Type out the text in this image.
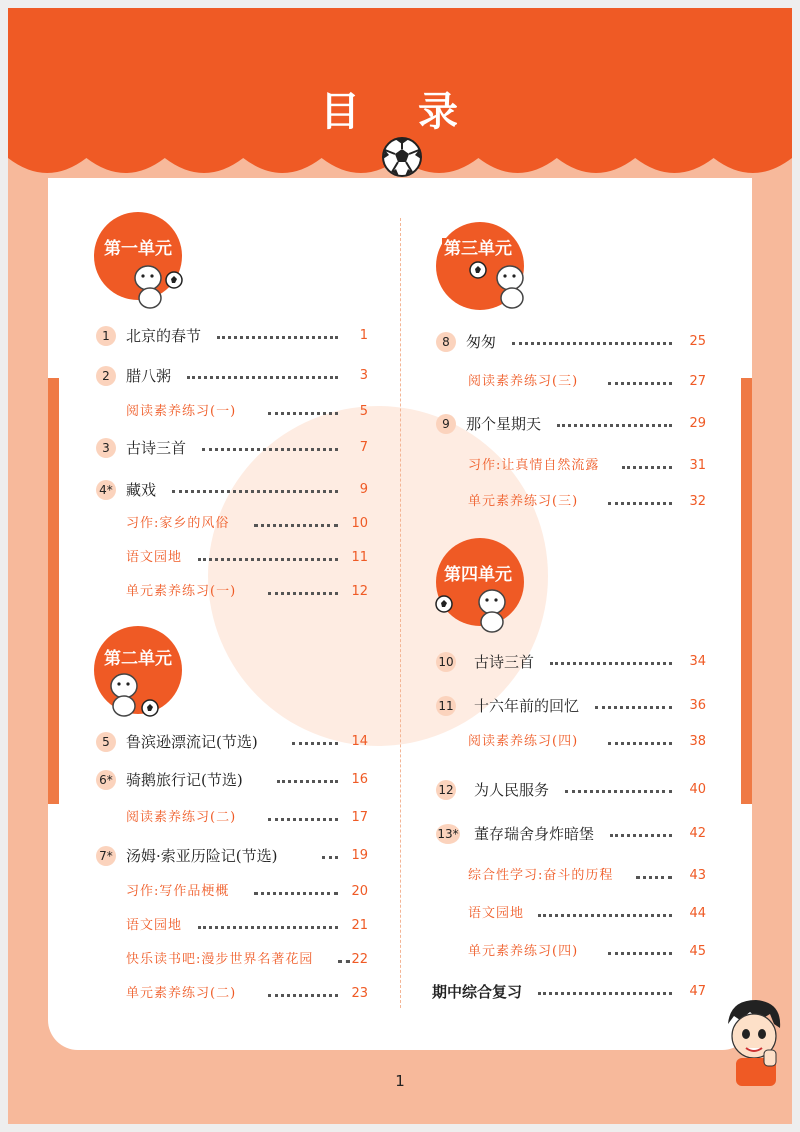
目 录
第一单元
第二单元
第三单元
第四单元
1	北京的春节	1
2	腊八粥	3
阅读素养练习(一)	5
3	古诗三首	7
4* 藏戏	9
习作:家乡的风俗	10
语文园地	11
单元素养练习(一)	12
5	鲁滨逊漂流记(节选)	14
6* 骑鹅旅行记(节选)	16
阅读素养练习(二)	17
7* 汤姆·索亚历险记(节选)	19
习作:写作品梗概	20
语文园地	21
快乐读书吧:漫步世界名著花园	22
单元素养练习(二)	23
8	匆匆	25
阅读素养练习(三)	27
9	那个星期天	29
习作:让真情自然流露	31
单元素养练习(三)	32
10 古诗三首	34
11 十六年前的回忆	36
阅读素养练习(四)	38
12 为人民服务	40
13* 董存瑞舍身炸暗堡	42
综合性学习:奋斗的历程	43
语文园地	44
单元素养练习(四)	45
期中综合复习	47
1
